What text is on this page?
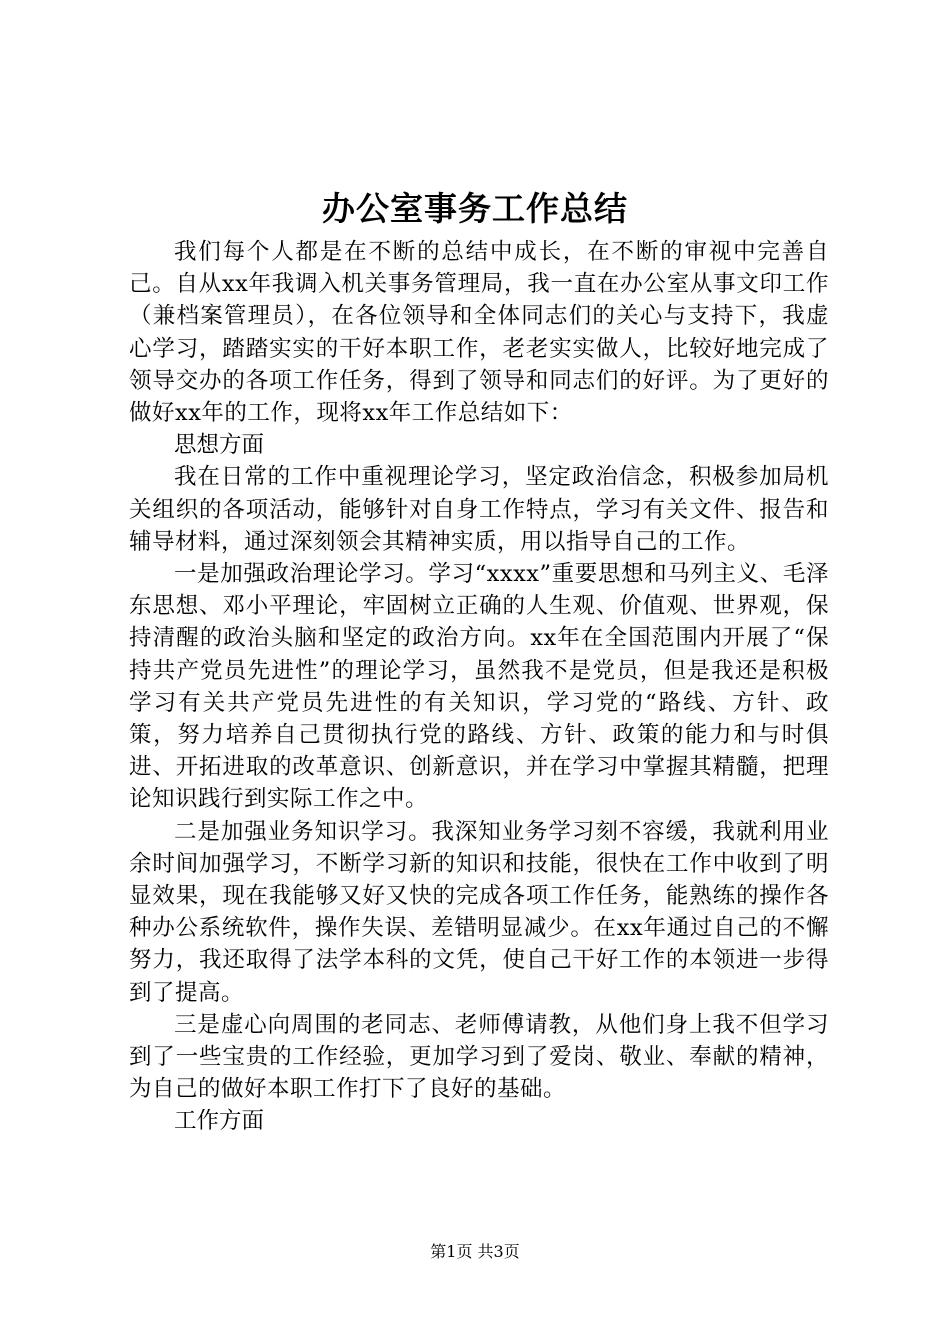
办公室事务工作总结

我们每个人都是在不断的总结中成长，在不断的审视中完善自己。自从xx年我调入机关事务管理局，我一直在办公室从事文印工作（兼档案管理员），在各位领导和全体同志们的关心与支持下，我虚心学习，踏踏实实的干好本职工作，老老实实做人，比较好地完成了领导交办的各项工作任务，得到了领导和同志们的好评。为了更好的做好xx年的工作，现将xx年工作总结如下：

思想方面

我在日常的工作中重视理论学习，坚定政治信念，积极参加局机关组织的各项活动，能够针对自身工作特点，学习有关文件、报告和辅导材料，通过深刻领会其精神实质，用以指导自己的工作。

一是加强政治理论学习。学习“xxxx”重要思想和马列主义、毛泽东思想、邓小平理论，牢固树立正确的人生观、价值观、世界观，保持清醒的政治头脑和坚定的政治方向。xx年在全国范围内开展了“保持共产党员先进性”的理论学习，虽然我不是党员，但是我还是积极学习有关共产党员先进性的有关知识，学习党的“路线、方针、政策，努力培养自己贯彻执行党的路线、方针、政策的能力和与时俱进、开拓进取的改革意识、创新意识，并在学习中掌握其精髓，把理论知识践行到实际工作之中。

二是加强业务知识学习。我深知业务学习刻不容缓，我就利用业余时间加强学习，不断学习新的知识和技能，很快在工作中收到了明显效果，现在我能够又好又快的完成各项工作任务，能熟练的操作各种办公系统软件，操作失误、差错明显减少。在xx年通过自己的不懈努力，我还取得了法学本科的文凭，使自己干好工作的本领进一步得到了提高。

三是虚心向周围的老同志、老师傅请教，从他们身上我不但学习到了一些宝贵的工作经验，更加学习到了爱岗、敬业、奉献的精神，为自己的做好本职工作打下了良好的基础。

工作方面

第1页 共3页
